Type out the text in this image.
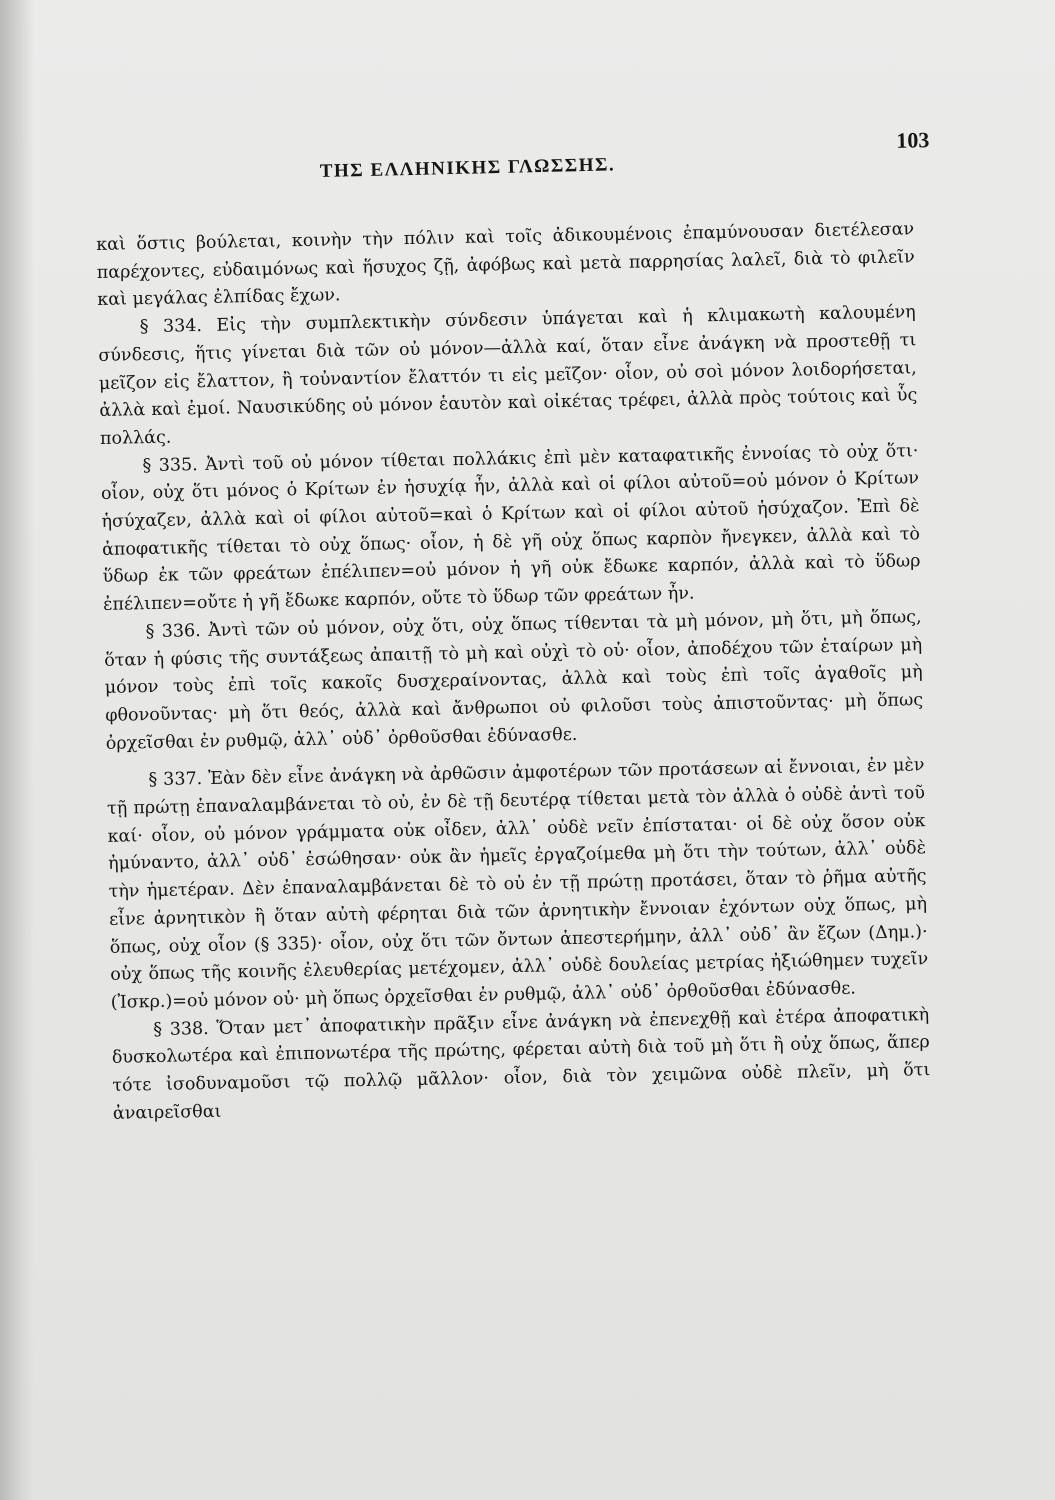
ΤΗΣ ΕΛΛΗΝΙΚΗΣ ΓΛΩΣΣΗΣ.
103

καὶ ὅστις βούλεται, κοινὴν τὴν πόλιν καὶ τοῖς ἀδικουμένοις ἐπαμύνουσαν διετέλεσαν παρέχοντες, εὐδαιμόνως καὶ ἥσυχος ζῇ, ἀφόβως καὶ μετὰ παρρησίας λαλεῖ, διὰ τὸ φιλεῖν καὶ μεγάλας ἐλπίδας ἔχων.

§ 334. Εἰς τὴν συμπλεκτικὴν σύνδεσιν ὑπάγεται καὶ ἡ κλιμακωτὴ καλουμένη σύνδεσις, ἥτις γίνεται διὰ τῶν οὐ μόνον—ἀλλὰ καί, ὅταν εἶνε ἀνάγκη νὰ προστεθῇ τι μεῖζον εἰς ἔλαττον, ἢ τοὐναντίον ἔλαττόν τι εἰς μεῖζον· οἷον, οὐ σοὶ μόνον λοιδορήσεται, ἀλλὰ καὶ ἐμοί. Ναυσικύδης οὐ μόνον ἑαυτὸν καὶ οἰκέτας τρέφει, ἀλλὰ πρὸς τούτοις καὶ ὗς πολλάς.

§ 335. Ἀντὶ τοῦ οὐ μόνον τίθεται πολλάκις ἐπὶ μὲν καταφατικῆς ἐννοίας τὸ οὐχ ὅτι· οἷον, οὐχ ὅτι μόνος ὁ Κρίτων ἐν ἡσυχίᾳ ἦν, ἀλλὰ καὶ οἱ φίλοι αὐτοῦ=οὐ μόνον ὁ Κρίτων ἡσύχαζεν, ἀλλὰ καὶ οἱ φίλοι αὐτοῦ=καὶ ὁ Κρίτων καὶ οἱ φίλοι αὐτοῦ ἡσύχαζον. Ἐπὶ δὲ ἀποφατικῆς τίθεται τὸ οὐχ ὅπως· οἷον, ἡ δὲ γῆ οὐχ ὅπως καρπὸν ἤνεγκεν, ἀλλὰ καὶ τὸ ὕδωρ ἐκ τῶν φρεάτων ἐπέλιπεν=οὐ μόνον ἡ γῆ οὐκ ἔδωκε καρπόν, ἀλλὰ καὶ τὸ ὕδωρ ἐπέλιπεν=οὔτε ἡ γῆ ἔδωκε καρπόν, οὔτε τὸ ὕδωρ τῶν φρεάτων ἦν.

§ 336. Ἀντὶ τῶν οὐ μόνον, οὐχ ὅτι, οὐχ ὅπως τίθενται τὰ μὴ μόνον, μὴ ὅτι, μὴ ὅπως, ὅταν ἡ φύσις τῆς συντάξεως ἀπαιτῇ τὸ μὴ καὶ οὐχὶ τὸ οὐ· οἷον, ἀποδέχου τῶν ἑταίρων μὴ μόνον τοὺς ἐπὶ τοῖς κακοῖς δυσχεραίνοντας, ἀλλὰ καὶ τοὺς ἐπὶ τοῖς ἀγαθοῖς μὴ φθονοῦντας· μὴ ὅτι θεός, ἀλλὰ καὶ ἄνθρωποι οὐ φιλοῦσι τοὺς ἀπιστοῦντας· μὴ ὅπως ὀρχεῖσθαι ἐν ρυθμῷ, ἀλλ᾿ οὐδ᾿ ὀρθοῦσθαι ἐδύνασθε.

§ 337. Ἐὰν δὲν εἶνε ἀνάγκη νὰ ἀρθῶσιν ἀμφοτέρων τῶν προτάσεων αἱ ἔννοιαι, ἐν μὲν τῇ πρώτῃ ἐπαναλαμβάνεται τὸ οὐ, ἐν δὲ τῇ δευτέρᾳ τίθεται μετὰ τὸν ἀλλὰ ὁ οὐδὲ ἀντὶ τοῦ καί· οἷον, οὐ μόνον γράμματα οὐκ οἶδεν, ἀλλ᾿ οὐδὲ νεῖν ἐπίσταται· οἱ δὲ οὐχ ὅσον οὐκ ἠμύναντο, ἀλλ᾿ οὐδ᾿ ἐσώθησαν· οὐκ ἂν ἡμεῖς ἐργαζοίμεθα μὴ ὅτι τὴν τούτων, ἀλλ᾿ οὐδὲ τὴν ἡμετέραν. Δὲν ἐπαναλαμβάνεται δὲ τὸ οὐ ἐν τῇ πρώτῃ προτάσει, ὅταν τὸ ῥῆμα αὐτῆς εἶνε ἀρνητικὸν ἢ ὅταν αὐτὴ φέρηται διὰ τῶν ἀρνητικὴν ἔννοιαν ἐχόντων οὐχ ὅπως, μὴ ὅπως, οὐχ οἷον (§ 335)· οἷον, οὐχ ὅτι τῶν ὄντων ἀπεστερήμην, ἀλλ᾿ οὐδ᾿ ἂν ἔζων (Δημ.)· οὐχ ὅπως τῆς κοινῆς ἐλευθερίας μετέχομεν, ἀλλ᾿ οὐδὲ δουλείας μετρίας ἠξιώθημεν τυχεῖν (Ἰσκρ.)=οὐ μόνον οὐ· μὴ ὅπως ὀρχεῖσθαι ἐν ρυθμῷ, ἀλλ᾿ οὐδ᾿ ὀρθοῦσθαι ἐδύνασθε.

§ 338. Ὅταν μετ᾿ ἀποφατικὴν πρᾶξιν εἶνε ἀνάγκη νὰ ἐπενεχθῇ καὶ ἑτέρα ἀποφατικὴ δυσκολωτέρα καὶ ἐπιπονωτέρα τῆς πρώτης, φέρεται αὐτὴ διὰ τοῦ μὴ ὅτι ἢ οὐχ ὅπως, ἅπερ τότε ἰσοδυναμοῦσι τῷ πολλῷ μᾶλλον· οἷον, διὰ τὸν χειμῶνα οὐδὲ πλεῖν, μὴ ὅτι ἀναιρεῖσθαι
